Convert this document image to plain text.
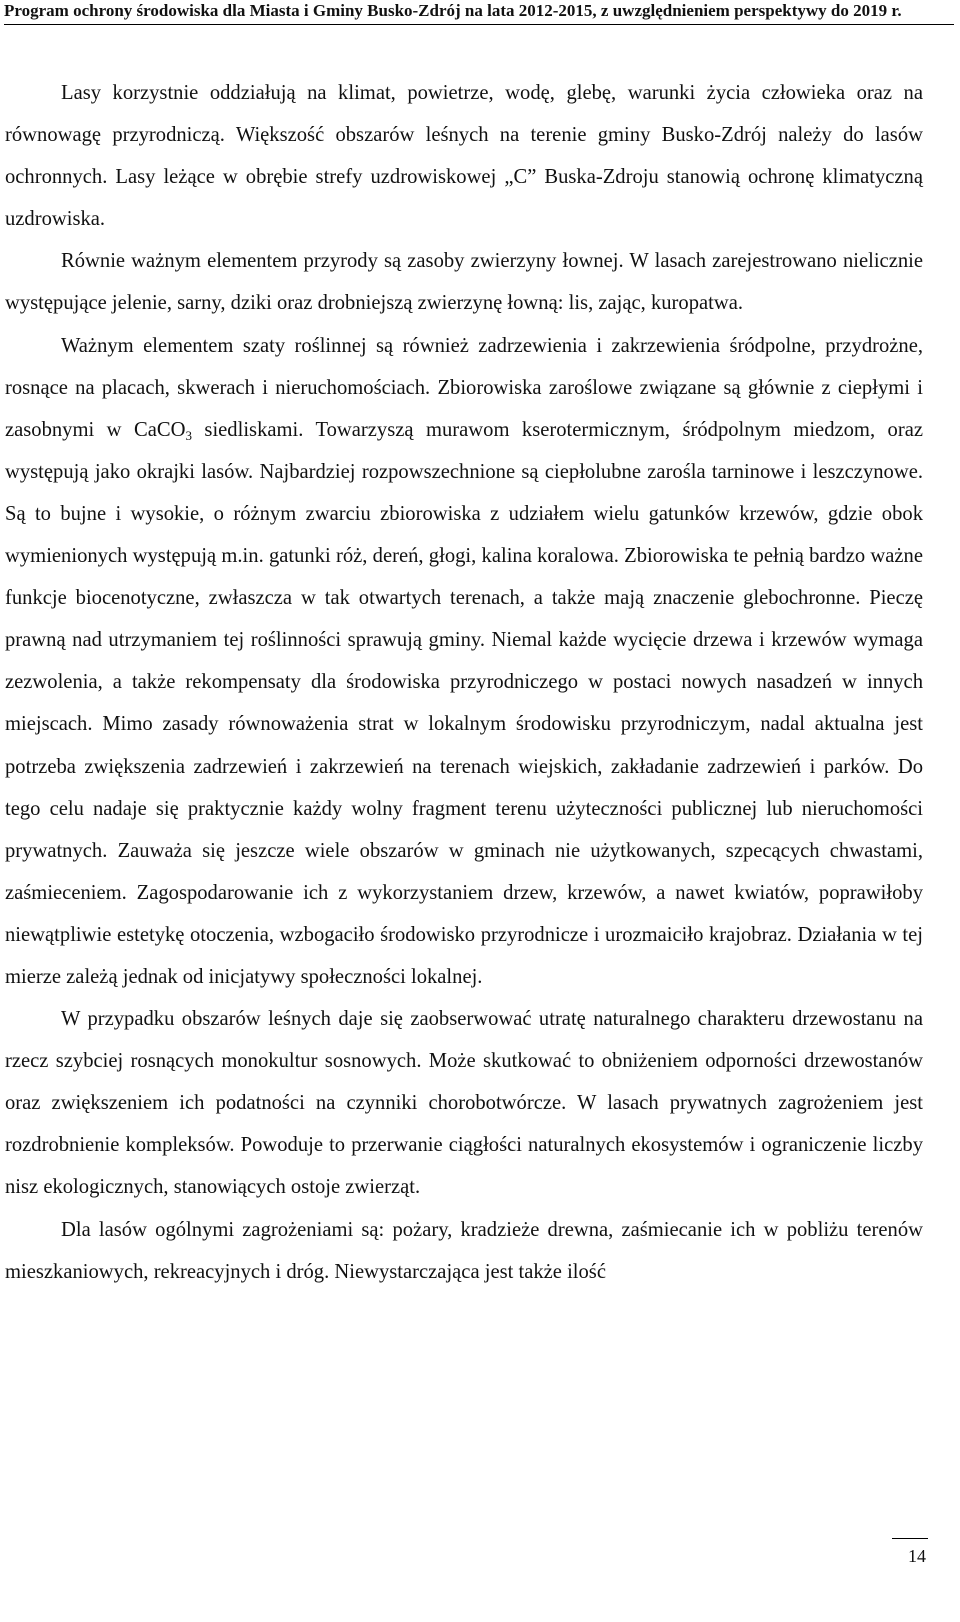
Program ochrony środowiska dla Miasta i Gminy Busko-Zdrój na lata 2012-2015, z uwzględnieniem perspektywy do 2019 r.

Lasy korzystnie oddziałują na klimat, powietrze, wodę, glebę, warunki życia człowieka oraz na równowagę przyrodniczą. Większość obszarów leśnych na terenie gminy Busko-Zdrój należy do lasów ochronnych. Lasy leżące w obrębie strefy uzdrowiskowej „C” Buska-Zdroju stanowią ochronę klimatyczną uzdrowiska.

Równie ważnym elementem przyrody są zasoby zwierzyny łownej. W lasach zarejestrowano nielicznie występujące jelenie, sarny, dziki oraz drobniejszą zwierzynę łowną: lis, zając, kuropatwa.

Ważnym elementem szaty roślinnej są również zadrzewienia i zakrzewienia śródpolne, przydrożne, rosnące na placach, skwerach i nieruchomościach. Zbiorowiska zaroślowe związane są głównie z ciepłymi i zasobnymi w CaCO$_3$ siedliskami. Towarzyszą murawom kserotermicznym, śródpolnym miedzom, oraz występują jako okrajki lasów. Najbardziej rozpowszechnione są ciepłolubne zarośla tarninowe i leszczynowe. Są to bujne i wysokie, o różnym zwarciu zbiorowiska z udziałem wielu gatunków krzewów, gdzie obok wymienionych występują m.in. gatunki róż, dereń, głogi, kalina koralowa. Zbiorowiska te pełnią bardzo ważne funkcje biocenotyczne, zwłaszcza w tak otwartych terenach, a także mają znaczenie glebochronne. Pieczę prawną nad utrzymaniem tej roślinności sprawują gminy. Niemal każde wycięcie drzewa i krzewów wymaga zezwolenia, a także rekompensaty dla środowiska przyrodniczego w postaci nowych nasadzeń w innych miejscach. Mimo zasady równoważenia strat w lokalnym środowisku przyrodniczym, nadal aktualna jest potrzeba zwiększenia zadrzewień i zakrzewień na terenach wiejskich, zakładanie zadrzewień i parków. Do tego celu nadaje się praktycznie każdy wolny fragment terenu użyteczności publicznej lub nieruchomości prywatnych. Zauważa się jeszcze wiele obszarów w gminach nie użytkowanych, szpecących chwastami, zaśmieceniem. Zagospodarowanie ich z wykorzystaniem drzew, krzewów, a nawet kwiatów, poprawiłoby niewątpliwie estetykę otoczenia, wzbogaciło środowisko przyrodnicze i urozmaiciło krajobraz. Działania w tej mierze zależą jednak od inicjatywy społeczności lokalnej.

W przypadku obszarów leśnych daje się zaobserwować utratę naturalnego charakteru drzewostanu na rzecz szybciej rosnących monokultur sosnowych. Może skutkować to obniżeniem odporności drzewostanów oraz zwiększeniem ich podatności na czynniki chorobotwórcze. W lasach prywatnych zagrożeniem jest rozdrobnienie kompleksów. Powoduje to przerwanie ciągłości naturalnych ekosystemów i ograniczenie liczby nisz ekologicznych, stanowiących ostoje zwierząt.

Dla lasów ogólnymi zagrożeniami są: pożary, kradzieże drewna, zaśmiecanie ich w pobliżu terenów mieszkaniowych, rekreacyjnych i dróg. Niewystarczająca jest także ilość

14
